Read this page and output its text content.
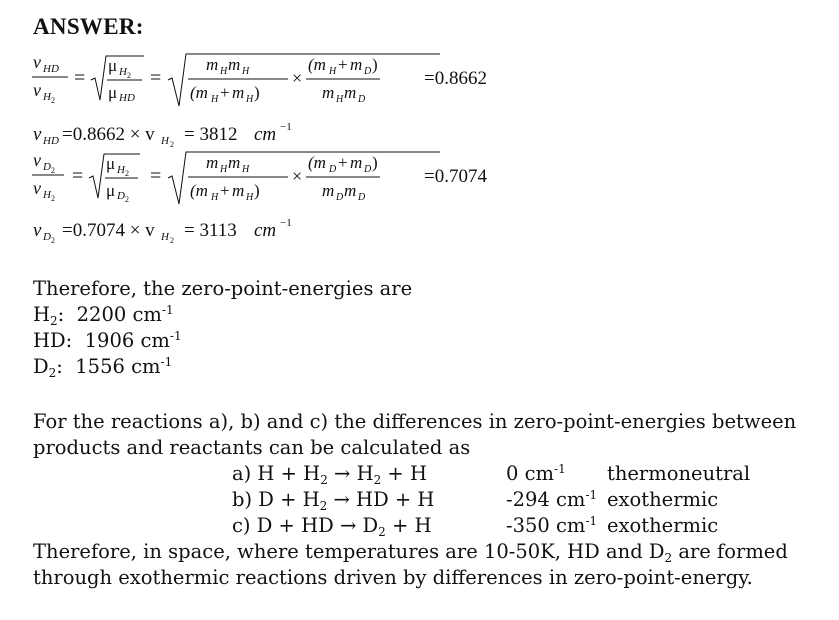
ANSWER:
ν HD
ν H 2
=
μ H 2
μ HD
=
m H m H
(m H + m H )
×
(m H + m D )
m H m D
=0.8662
ν HD =0.8662 × v H 2 = 3812 cm −1
ν D 2
ν H 2
=
μ H 2
μ D 2
=
m H m H
(m H + m H )
×
(m D + m D )
m D m D
=0.7074
ν D 2 =0.7074 × v H 2 = 3113 cm −1
Therefore, the zero-point-energies are
$H_2$: 2200 $cm^{-1}$
HD: 1906 $cm^{-1}$
$D_2$: 1556 $cm^{-1}$
For the reactions a), b) and c) the differences in zero-point-energies between
products and reactants can be calculated as
a) $H + H_2 \to H_2 + H$	0 $cm^{-1}$ thermoneutral
b) $D + H_2$ → HD + H	-294 $cm^{-1}$ exothermic
c) D + HD → $D_2 + H$	-350 $cm^{-1}$ exothermic
Therefore, in space, where temperatures are 10-50K, HD and $D_2$ are formed
through exothermic reactions driven by differences in zero-point-energy.
